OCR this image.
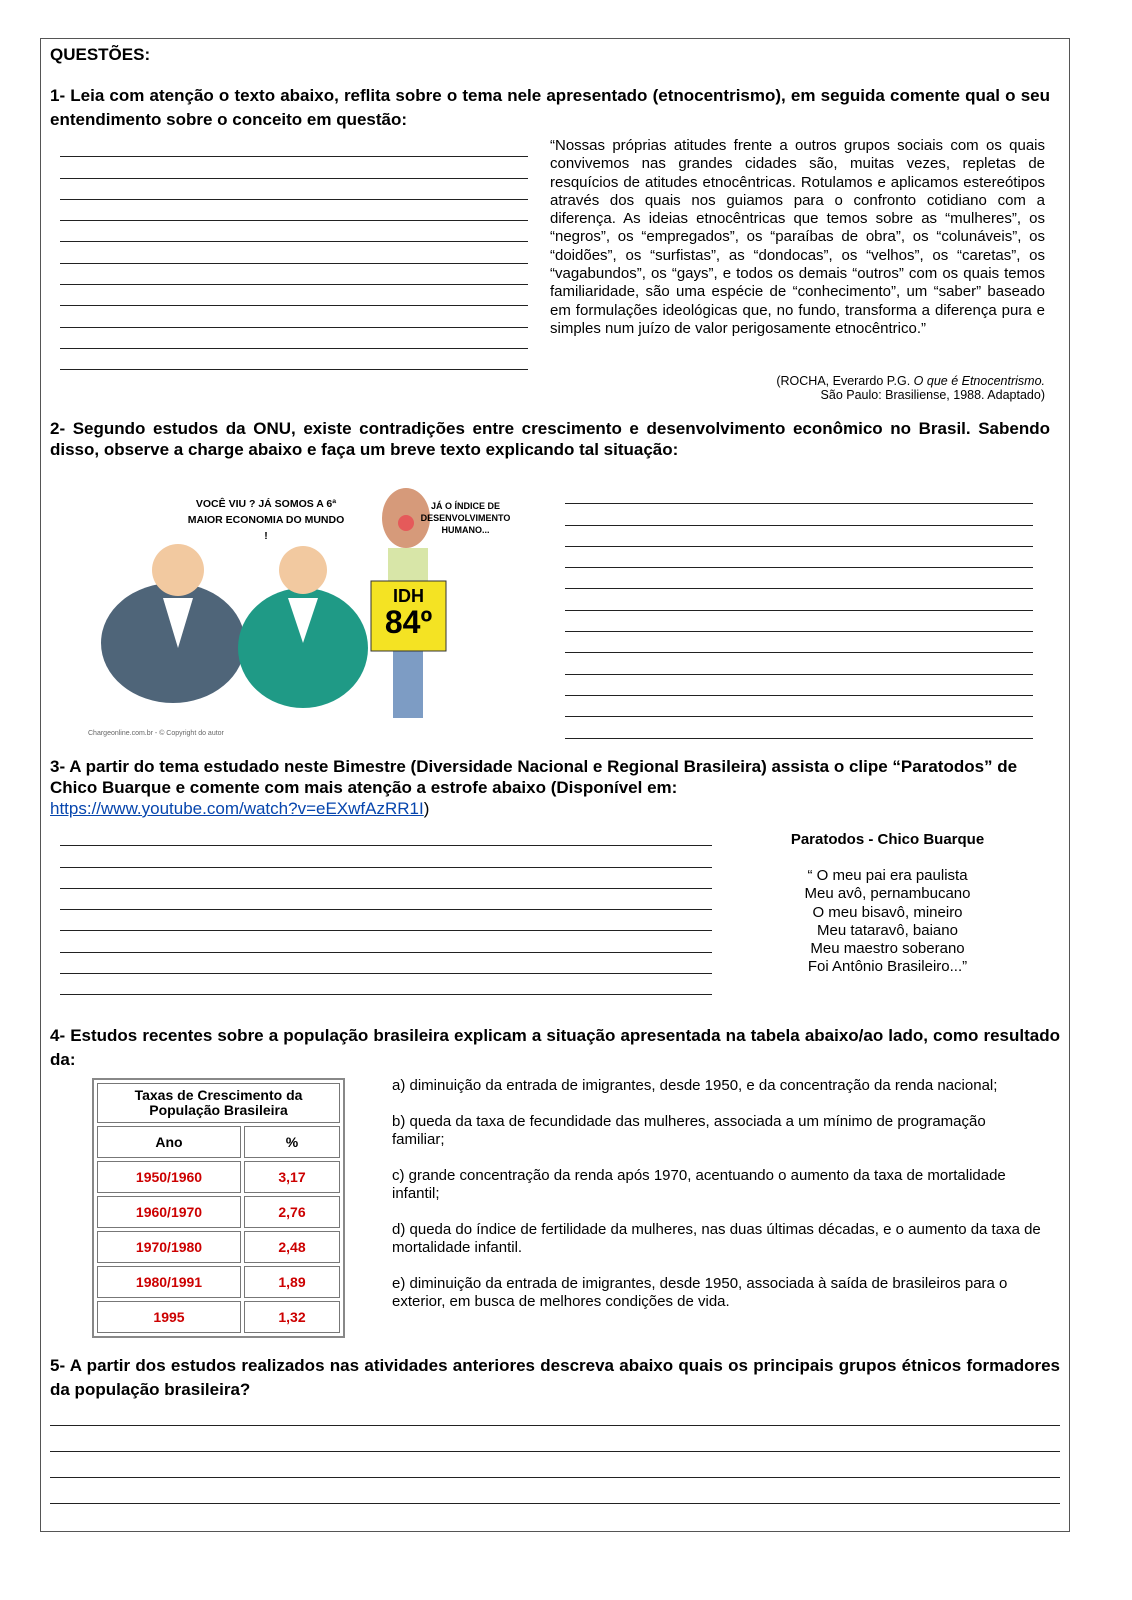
QUESTÕES:
1- Leia com atenção o texto abaixo, reflita sobre o tema nele apresentado (etnocentrismo), em seguida comente qual o seu entendimento sobre o conceito em questão:
“Nossas próprias atitudes frente a outros grupos sociais com os quais convivemos nas grandes cidades são, muitas vezes, repletas de resquícios de atitudes etnocêntricas. Rotulamos e aplicamos estereótipos através dos quais nos guiamos para o confronto cotidiano com a diferença. As ideias etnocêntricas que temos sobre as “mulheres”, os “negros”, os “empregados”, os “paraíbas de obra”, os “colunáveis”, os “doidões”, os “surfistas”, as “dondocas”, os “velhos”, os “caretas”, os “vagabundos”, os “gays”, e todos os demais “outros” com os quais temos familiaridade, são uma espécie de “conhecimento”, um “saber” baseado em formulações ideológicas que, no fundo, transforma a diferença pura e simples num juízo de valor perigosamente etnocêntrico.”
(ROCHA, Everardo P.G. O que é Etnocentrismo.
São Paulo: Brasiliense, 1988. Adaptado)
2- Segundo estudos da ONU, existe contradições entre crescimento e desenvolvimento econômico no Brasil. Sabendo disso, observe a charge abaixo e faça um breve texto explicando tal situação:
VOCÊ VIU ? JÁ SOMOS A 6ª MAIOR ECONOMIA DO MUNDO !
JÁ O ÍNDICE DE DESENVOLVIMENTO HUMANO...
IDH
84º
Chargeonline.com.br - © Copyright do autor
3- A partir do tema estudado neste Bimestre (Diversidade Nacional e Regional Brasileira) assista o clipe “Paratodos” de Chico Buarque e comente com mais atenção a estrofe abaixo (Disponível em:
https://www.youtube.com/watch?v=eEXwfAzRR1I)
Paratodos - Chico Buarque
“ O meu pai era paulista
Meu avô, pernambucano
O meu bisavô, mineiro
Meu tataravô, baiano
Meu maestro soberano
Foi Antônio Brasileiro...”
4- Estudos recentes sobre a população brasileira explicam a situação apresentada na tabela abaixo/ao lado, como resultado da:
Taxas de Crescimento da População Brasileira	
Ano	%
1950/1960	3,17
1960/1970	2,76
1970/1980	2,48
1980/1991	1,89
1995	1,32
a) diminuição da entrada de imigrantes, desde 1950, e da concentração da renda nacional;
b) queda da taxa de fecundidade das mulheres, associada a um mínimo de programação familiar;
c) grande concentração da renda após 1970, acentuando o aumento da taxa de mortalidade infantil;
d) queda do índice de fertilidade da mulheres, nas duas últimas décadas, e o aumento da taxa de mortalidade infantil.
e) diminuição da entrada de imigrantes, desde 1950, associada à saída de brasileiros para o exterior, em busca de melhores condições de vida.
5- A partir dos estudos realizados nas atividades anteriores descreva abaixo quais os principais grupos étnicos formadores da população brasileira?
